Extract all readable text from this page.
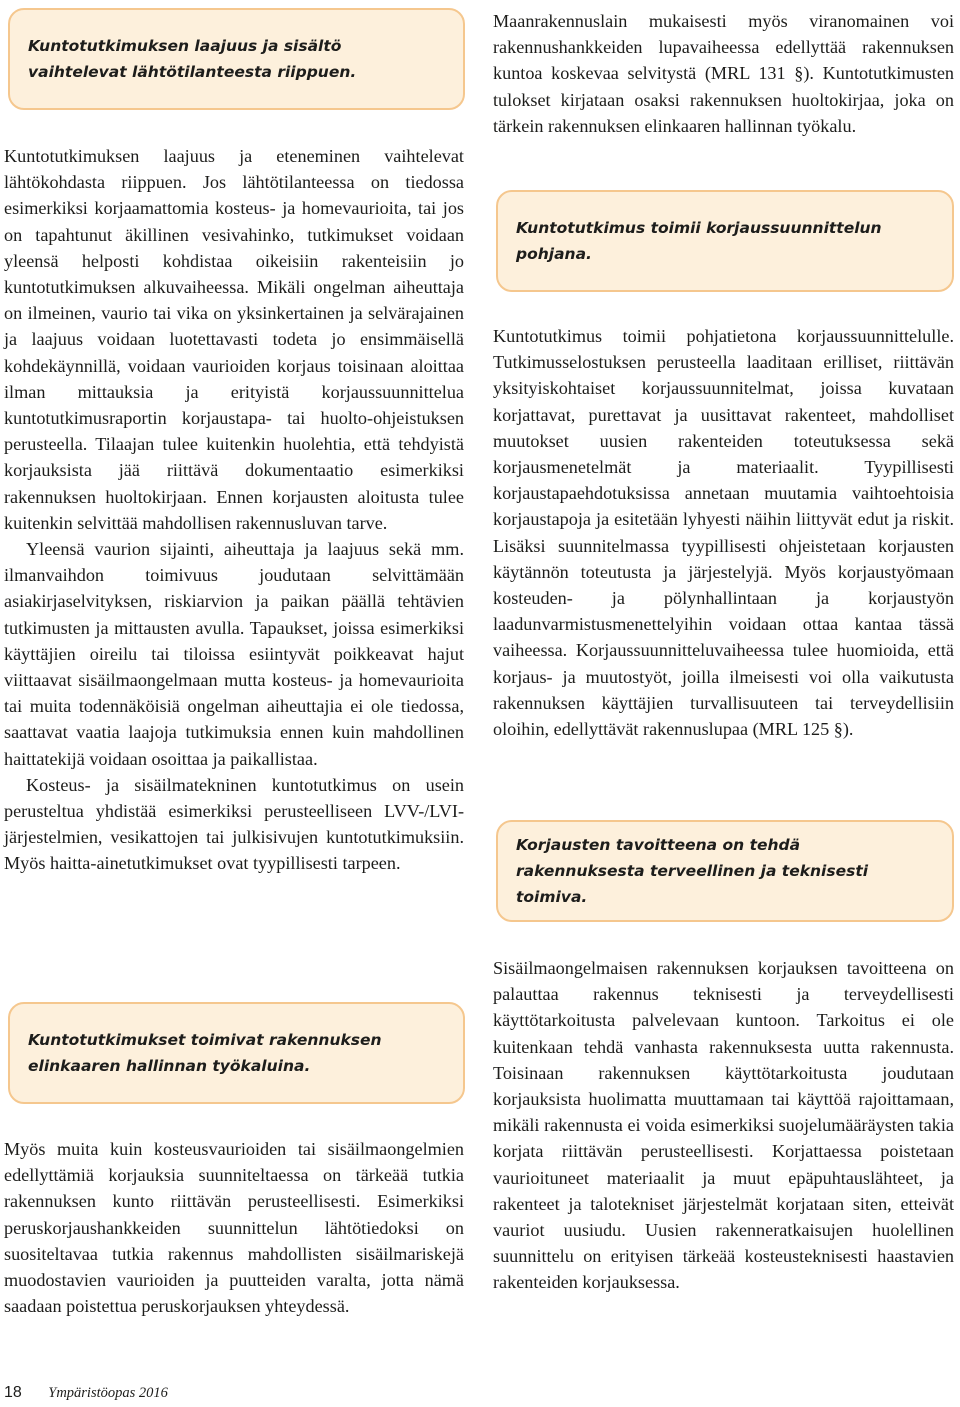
Kuntotutkimuksen laajuus ja sisältö vaihtelevat lähtötilanteesta riippuen.

Kuntotutkimuksen laajuus ja eteneminen vaihtelevat lähtökohdasta riippuen. Jos lähtötilanteessa on tiedossa esimerkiksi korjaamattomia kosteus- ja homevaurioita, tai jos on tapahtunut äkillinen vesivahinko, tutkimukset voidaan yleensä helposti kohdistaa oikeisiin rakenteisiin jo kuntotutkimuksen alkuvaiheessa. Mikäli ongelman aiheuttaja on ilmeinen, vaurio tai vika on yksinkertainen ja selvärajainen ja laajuus voidaan luotettavasti todeta jo ensimmäisellä kohdekäynnillä, voidaan vaurioiden korjaus toisinaan aloittaa ilman mittauksia ja erityistä korjaussuunnittelua kuntotutkimusraportin korjaustapa- tai huolto-ohjeistuksen perusteella. Tilaajan tulee kuitenkin huolehtia, että tehdyistä korjauksista jää riittävä dokumentaatio esimerkiksi rakennuksen huoltokirjaan. Ennen korjausten aloitusta tulee kuitenkin selvittää mahdollisen rakennusluvan tarve.

Yleensä vaurion sijainti, aiheuttaja ja laajuus sekä mm. ilmanvaihdon toimivuus joudutaan selvittämään asiakirjaselvityksen, riskiarvion ja paikan päällä tehtävien tutkimusten ja mittausten avulla. Tapaukset, joissa esimerkiksi käyttäjien oireilu tai tiloissa esiintyvät poikkeavat hajut viittaavat sisäilmaongelmaan mutta kosteus- ja homevaurioita tai muita todennäköisiä ongelman aiheuttajia ei ole tiedossa, saattavat vaatia laajoja tutkimuksia ennen kuin mahdollinen haittatekijä voidaan osoittaa ja paikallistaa.

Kosteus- ja sisäilmatekninen kuntotutkimus on usein perusteltua yhdistää esimerkiksi perusteelliseen LVV-/LVI-järjestelmien, vesikattojen tai julkisivujen kuntotutkimuksiin. Myös haitta-ainetutkimukset ovat tyypillisesti tarpeen.

Kuntotutkimukset toimivat rakennuksen elinkaaren hallinnan työkaluina.

Myös muita kuin kosteusvaurioiden tai sisäilmaongelmien edellyttämiä korjauksia suunniteltaessa on tärkeää tutkia rakennuksen kunto riittävän perusteellisesti. Esimerkiksi peruskorjaushankkeiden suunnittelun lähtötiedoksi on suositeltavaa tutkia rakennus mahdollisten sisäilmariskejä muodostavien vaurioiden ja puutteiden varalta, jotta nämä saadaan poistettua peruskorjauksen yhteydessä.

Maanrakennuslain mukaisesti myös viranomainen voi rakennushankkeiden lupavaiheessa edellyttää rakennuksen kuntoa koskevaa selvitystä (MRL 131 §). Kuntotutkimusten tulokset kirjataan osaksi rakennuksen huoltokirjaa, joka on tärkein rakennuksen elinkaaren hallinnan työkalu.

Kuntotutkimus toimii korjaussuunnittelun pohjana.

Kuntotutkimus toimii pohjatietona korjaussuunnittelulle. Tutkimusselostuksen perusteella laaditaan erilliset, riittävän yksityiskohtaiset korjaussuunnitelmat, joissa kuvataan korjattavat, purettavat ja uusittavat rakenteet, mahdolliset muutokset uusien rakenteiden toteutuksessa sekä korjausmenetelmät ja materiaalit. Tyypillisesti korjaustapaehdotuksissa annetaan muutamia vaihtoehtoisia korjaustapoja ja esitetään lyhyesti näihin liittyvät edut ja riskit. Lisäksi suunnitelmassa tyypillisesti ohjeistetaan korjausten käytännön toteutusta ja järjestelyjä. Myös korjaustyömaan kosteuden- ja pölynhallintaan ja korjaustyön laadunvarmistusmenettelyihin voidaan ottaa kantaa tässä vaiheessa. Korjaussuunnitteluvaiheessa tulee huomioida, että korjaus- ja muutostyöt, joilla ilmeisesti voi olla vaikutusta rakennuksen käyttäjien turvallisuuteen tai terveydellisiin oloihin, edellyttävät rakennuslupaa (MRL 125 §).

Korjausten tavoitteena on tehdä rakennuksesta terveellinen ja teknisesti toimiva.

Sisäilmaongelmaisen rakennuksen korjauksen tavoitteena on palauttaa rakennus teknisesti ja terveydellisesti käyttötarkoitusta palvelevaan kuntoon. Tarkoitus ei ole kuitenkaan tehdä vanhasta rakennuksesta uutta rakennusta. Toisinaan rakennuksen käyttötarkoitusta joudutaan korjauksista huolimatta muuttamaan tai käyttöä rajoittamaan, mikäli rakennusta ei voida esimerkiksi suojelumääräysten takia korjata riittävän perusteellisesti. Korjattaessa poistetaan vaurioituneet materiaalit ja muut epäpuhtauslähteet, ja rakenteet ja talotekniset järjestelmät korjataan siten, etteivät vauriot uusiudu. Uusien rakenneratkaisujen huolellinen suunnittelu on erityisen tärkeää kosteusteknisesti haastavien rakenteiden korjauksessa.

18 Ympäristöopas 2016
